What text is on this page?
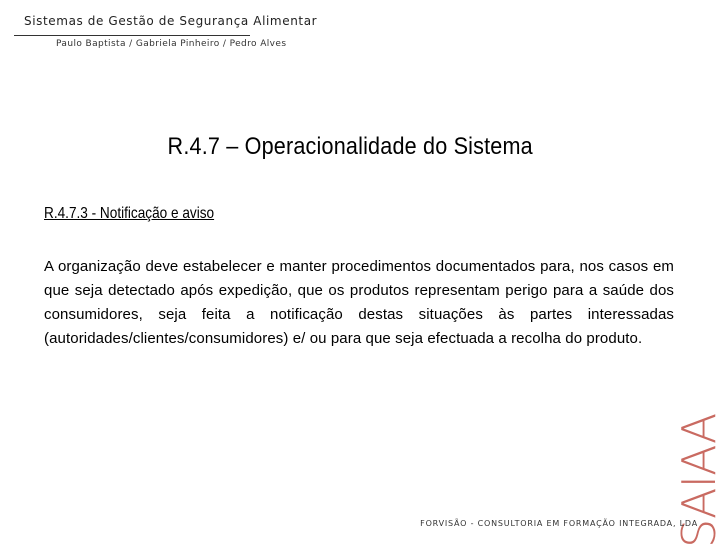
Sistemas de Gestão de Segurança Alimentar
Paulo Baptista / Gabriela Pinheiro / Pedro Alves
R.4.7 – Operacionalidade do Sistema
R.4.7.3 - Notificação e aviso
A organização deve estabelecer e manter procedimentos documentados para, nos casos em que seja detectado após expedição, que os produtos representam perigo para a saúde dos consumidores, seja feita a notificação destas situações às partes interessadas (autoridades/clientes/consumidores) e/ ou para que seja efectuada a recolha do produto.
SAIAA
FORVISÃO - CONSULTORIA EM FORMAÇÃO INTEGRADA, LDA
